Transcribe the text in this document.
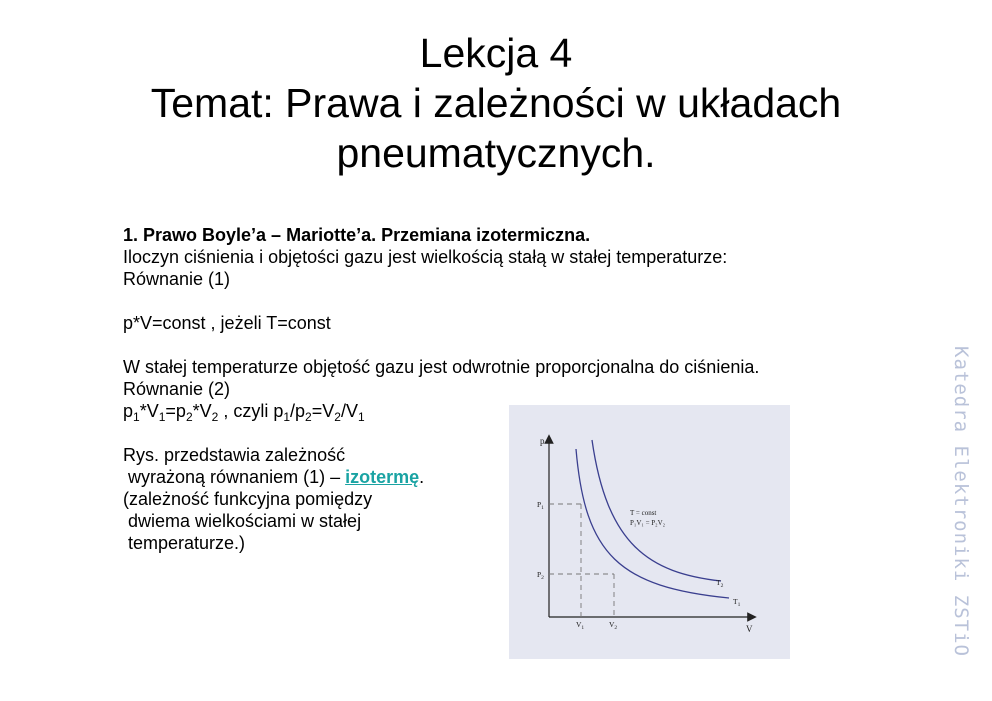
Lekcja 4
Temat: Prawa i zależności w układach
pneumatycznych.
1. Prawo Boyle’a – Mariotte’a. Przemiana izotermiczna.
Iloczyn ciśnienia i objętości gazu jest wielkością stałą w stałej temperaturze:
Równanie (1)
p*V=const , jeżeli T=const
W stałej temperaturze objętość gazu jest odwrotnie proporcjonalna do ciśnienia.
Równanie (2)
$p_1*V_1=p_2*V_2$ , czyli $p_1/p_2=V_2/V_1$
Rys. przedstawia zależność
wyrażoną równaniem (1) – izotermę.
(zależność funkcyjna pomiędzy
dwiema wielkościami w stałej
temperaturze.)
p
V
$P_1$
$P_2$
$V_1$	$V_2$
T = const
P₁V₁ = P₂V₂
$T_2$
$T_1$	Katedra Elektroniki ZSTiO
